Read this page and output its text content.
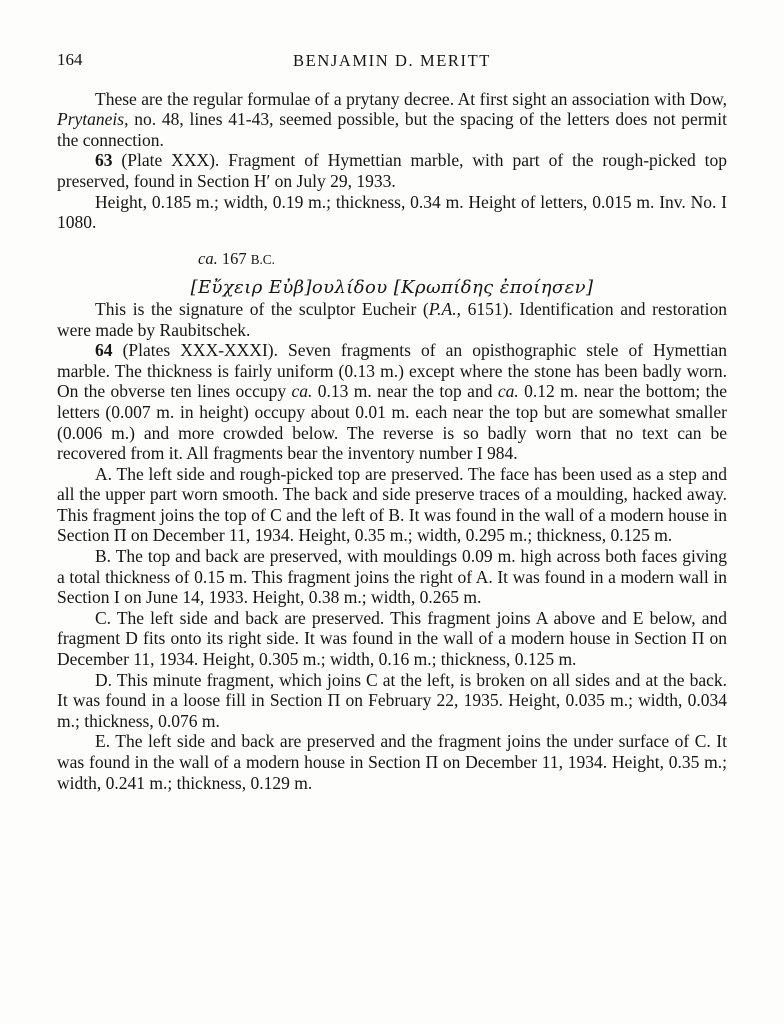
164	BENJAMIN D. MERITT

These are the regular formulae of a prytany decree. At first sight an association with Dow, Prytaneis, no. 48, lines 41-43, seemed possible, but the spacing of the letters does not permit the connection.

63 (Plate XXX). Fragment of Hymettian marble, with part of the rough-picked top preserved, found in Section Η′ on July 29, 1933.

Height, 0.185 m.; width, 0.19 m.; thickness, 0.34 m. Height of letters, 0.015 m. Inv. No. I 1080.

ca. 167 B.C.
[Εὔχειρ Εὐβ]ουλίδου [Κρωπίδης ἐποίησεν]

This is the signature of the sculptor Eucheir (P.A., 6151). Identification and restoration were made by Raubitschek.

64 (Plates XXX-XXXI). Seven fragments of an opisthographic stele of Hymettian marble. The thickness is fairly uniform (0.13 m.) except where the stone has been badly worn. On the obverse ten lines occupy ca. 0.13 m. near the top and ca. 0.12 m. near the bottom; the letters (0.007 m. in height) occupy about 0.01 m. each near the top but are somewhat smaller (0.006 m.) and more crowded below. The reverse is so badly worn that no text can be recovered from it. All fragments bear the inventory number I 984.

A. The left side and rough-picked top are preserved. The face has been used as a step and all the upper part worn smooth. The back and side preserve traces of a moulding, hacked away. This fragment joins the top of C and the left of B. It was found in the wall of a modern house in Section Π on December 11, 1934. Height, 0.35 m.; width, 0.295 m.; thickness, 0.125 m.

B. The top and back are preserved, with mouldings 0.09 m. high across both faces giving a total thickness of 0.15 m. This fragment joins the right of A. It was found in a modern wall in Section I on June 14, 1933. Height, 0.38 m.; width, 0.265 m.

C. The left side and back are preserved. This fragment joins A above and E below, and fragment D fits onto its right side. It was found in the wall of a modern house in Section Π on December 11, 1934. Height, 0.305 m.; width, 0.16 m.; thickness, 0.125 m.

D. This minute fragment, which joins C at the left, is broken on all sides and at the back. It was found in a loose fill in Section Π on February 22, 1935. Height, 0.035 m.; width, 0.034 m.; thickness, 0.076 m.

E. The left side and back are preserved and the fragment joins the under surface of C. It was found in the wall of a modern house in Section Π on December 11, 1934. Height, 0.35 m.; width, 0.241 m.; thickness, 0.129 m.
